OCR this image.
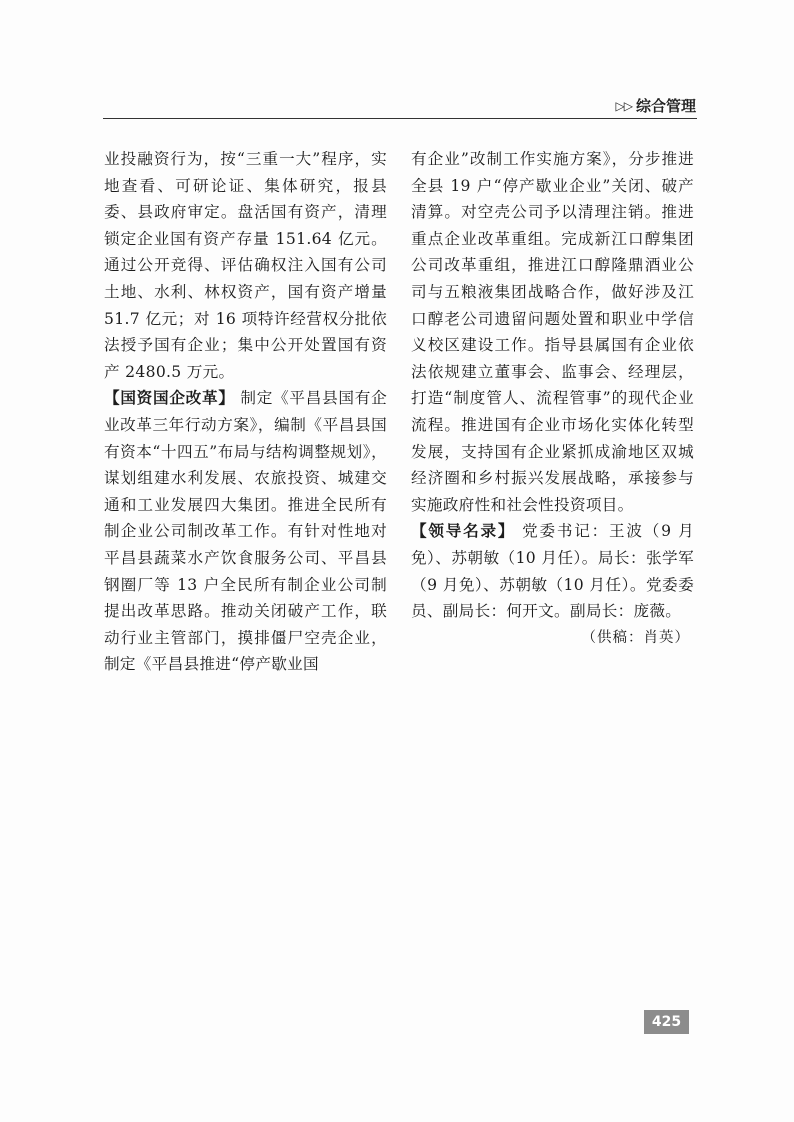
▷▷ 综合管理

业投融资行为，按“三重一大”程序，实地查看、可研论证、集体研究，报县委、县政府审定。盘活国有资产，清理锁定企业国有资产存量 151.64 亿元。通过公开竞得、评估确权注入国有公司土地、水利、林权资产，国有资产增量 51.7 亿元；对 16 项特许经营权分批依法授予国有企业；集中公开处置国有资产 2480.5 万元。

【国资国企改革】 制定《平昌县国有企业改革三年行动方案》，编制《平昌县国有资本“十四五”布局与结构调整规划》，谋划组建水利发展、农旅投资、城建交通和工业发展四大集团。推进全民所有制企业公司制改革工作。有针对性地对平昌县蔬菜水产饮食服务公司、平昌县钢圈厂等 13 户全民所有制企业公司制提出改革思路。推动关闭破产工作，联动行业主管部门，摸排僵尸空壳企业，制定《平昌县推进“停产歇业国

有企业”改制工作实施方案》，分步推进全县 19 户“停产歇业企业”关闭、破产清算。对空壳公司予以清理注销。推进重点企业改革重组。完成新江口醇集团公司改革重组，推进江口醇隆鼎酒业公司与五粮液集团战略合作，做好涉及江口醇老公司遗留问题处置和职业中学信义校区建设工作。指导县属国有企业依法依规建立董事会、监事会、经理层，打造“制度管人、流程管事”的现代企业流程。推进国有企业市场化实体化转型发展，支持国有企业紧抓成渝地区双城经济圈和乡村振兴发展战略，承接参与实施政府性和社会性投资项目。

【领导名录】 党委书记：王波（9 月免）、苏朝敏（10 月任）。局长：张学军（9 月免）、苏朝敏（10 月任）。党委委员、副局长：何开文。副局长：庞薇。

（供稿：肖英）

425
